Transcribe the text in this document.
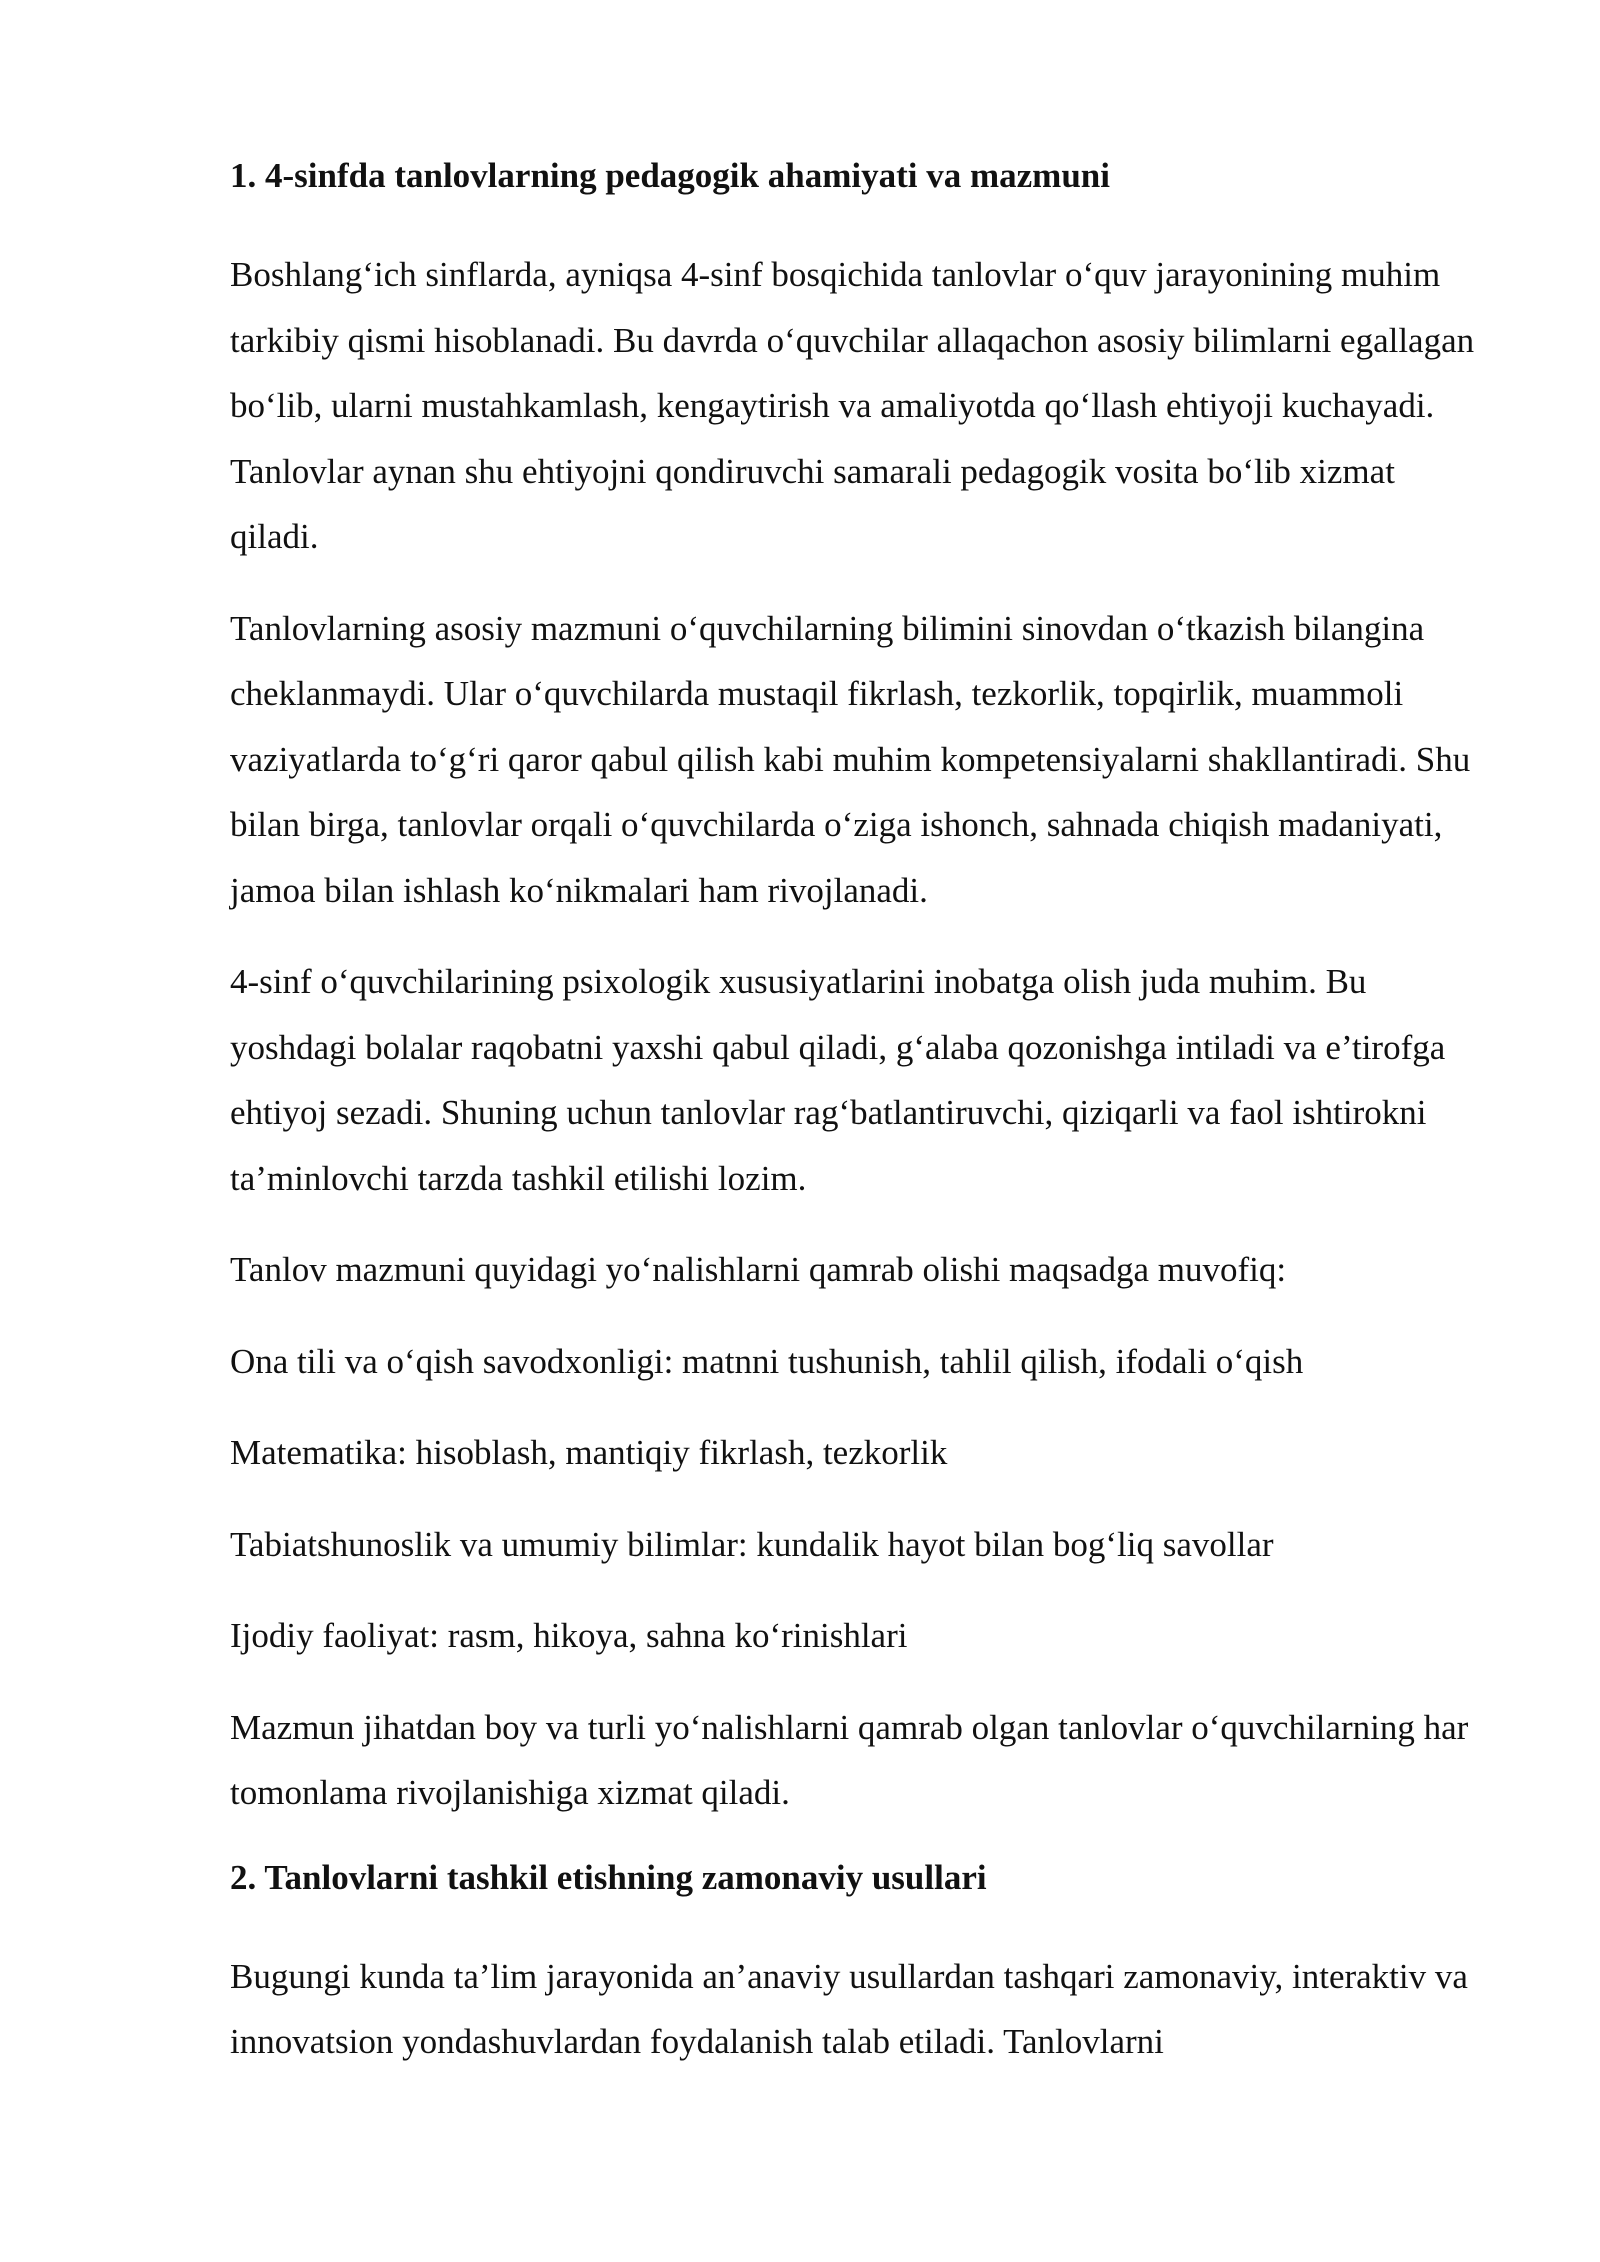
1. 4-sinfda tanlovlarning pedagogik ahamiyati va mazmuni

Boshlang‘ich sinflarda, ayniqsa 4-sinf bosqichida tanlovlar o‘quv jarayonining muhim tarkibiy qismi hisoblanadi. Bu davrda o‘quvchilar allaqachon asosiy bilimlarni egallagan bo‘lib, ularni mustahkamlash, kengaytirish va amaliyotda qo‘llash ehtiyoji kuchayadi. Tanlovlar aynan shu ehtiyojni qondiruvchi samarali pedagogik vosita bo‘lib xizmat qiladi.

Tanlovlarning asosiy mazmuni o‘quvchilarning bilimini sinovdan o‘tkazish bilangina cheklanmaydi. Ular o‘quvchilarda mustaqil fikrlash, tezkorlik, topqirlik, muammoli vaziyatlarda to‘g‘ri qaror qabul qilish kabi muhim kompetensiyalarni shakllantiradi. Shu bilan birga, tanlovlar orqali o‘quvchilarda o‘ziga ishonch, sahnada chiqish madaniyati, jamoa bilan ishlash ko‘nikmalari ham rivojlanadi.

4-sinf o‘quvchilarining psixologik xususiyatlarini inobatga olish juda muhim. Bu yoshdagi bolalar raqobatni yaxshi qabul qiladi, g‘alaba qozonishga intiladi va e’tirofga ehtiyoj sezadi. Shuning uchun tanlovlar rag‘batlantiruvchi, qiziqarli va faol ishtirokni ta’minlovchi tarzda tashkil etilishi lozim.

Tanlov mazmuni quyidagi yo‘nalishlarni qamrab olishi maqsadga muvofiq:

Ona tili va o‘qish savodxonligi: matnni tushunish, tahlil qilish, ifodali o‘qish

Matematika: hisoblash, mantiqiy fikrlash, tezkorlik

Tabiatshunoslik va umumiy bilimlar: kundalik hayot bilan bog‘liq savollar

Ijodiy faoliyat: rasm, hikoya, sahna ko‘rinishlari

Mazmun jihatdan boy va turli yo‘nalishlarni qamrab olgan tanlovlar o‘quvchilarning har tomonlama rivojlanishiga xizmat qiladi.

2. Tanlovlarni tashkil etishning zamonaviy usullari

Bugungi kunda ta’lim jarayonida an’anaviy usullardan tashqari zamonaviy, interaktiv va innovatsion yondashuvlardan foydalanish talab etiladi. Tanlovlarni
